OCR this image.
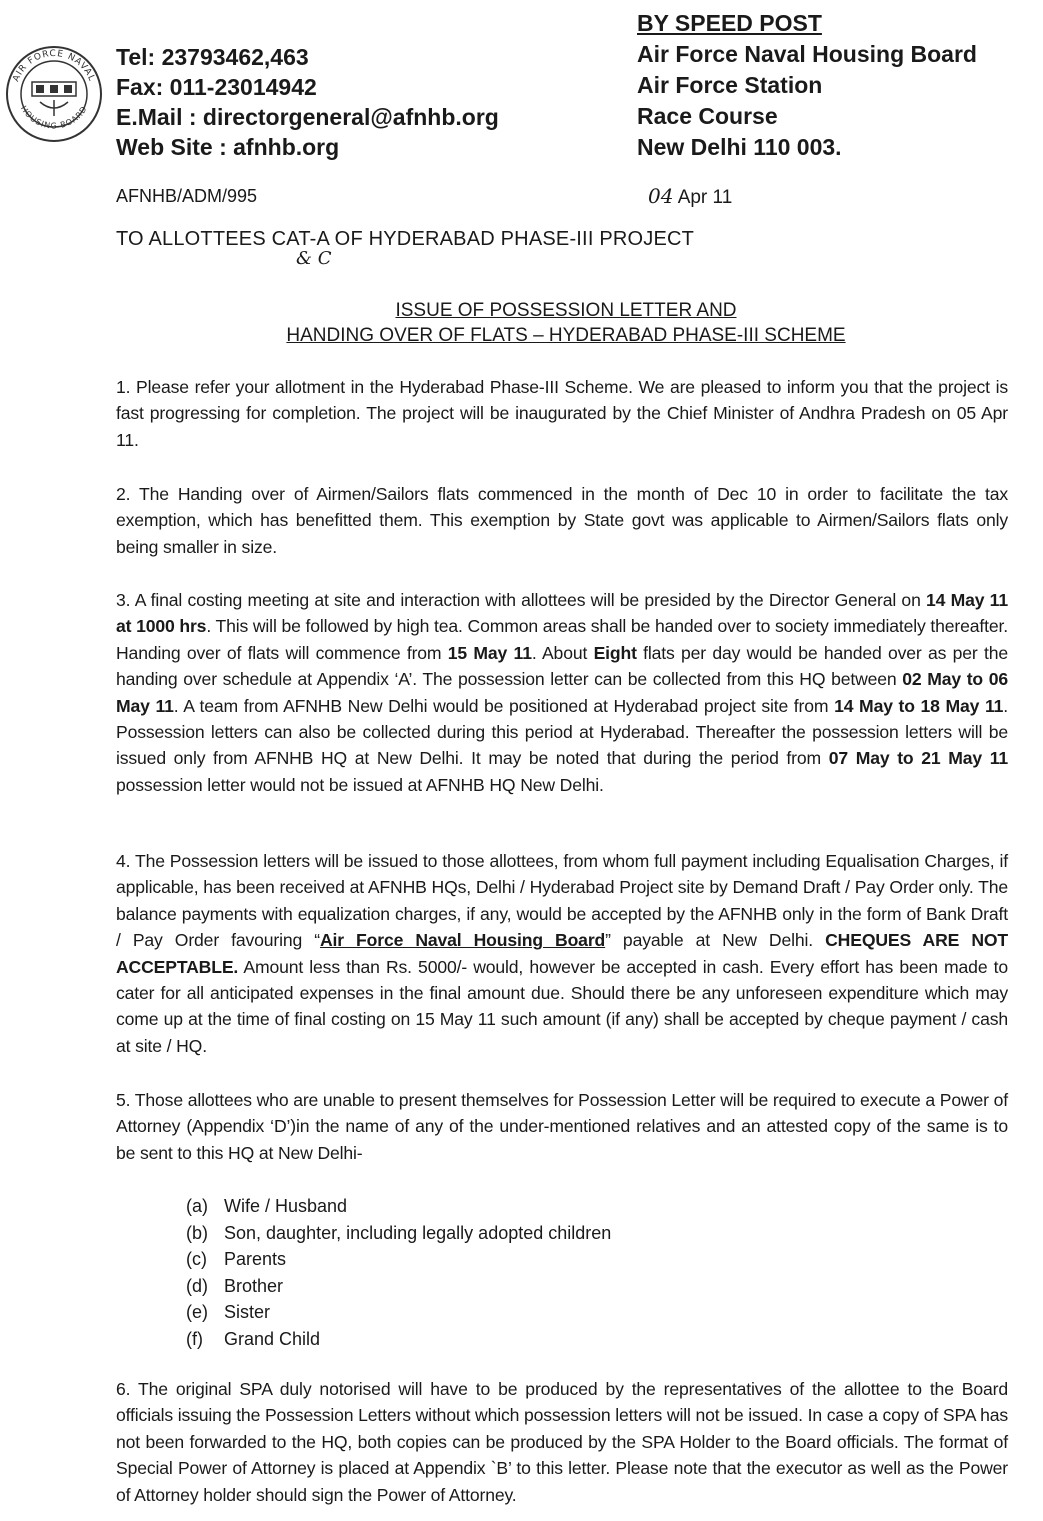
AIR FORCE NAVAL
HOUSING BOARD
Tel: 23793462,463
Fax: 011-23014942
E.Mail : directorgeneral@afnhb.org
Web Site : afnhb.org
BY SPEED POST
Air Force Naval Housing Board
Air Force Station
Race Course
New Delhi 110 003.
AFNHB/ADM/995	04 Apr 11
TO ALLOTTEES CAT-A OF HYDERABAD PHASE-III PROJECT
& C
ISSUE OF POSSESSION LETTER AND
HANDING OVER OF FLATS – HYDERABAD PHASE-III SCHEME
1. Please refer your allotment in the Hyderabad Phase-III Scheme. We are pleased to inform you that the project is fast progressing for completion. The project will be inaugurated by the Chief Minister of Andhra Pradesh on 05 Apr 11.
2. The Handing over of Airmen/Sailors flats commenced in the month of Dec 10 in order to facilitate the tax exemption, which has benefitted them. This exemption by State govt was applicable to Airmen/Sailors flats only being smaller in size.
3. A final costing meeting at site and interaction with allottees will be presided by the Director General on 14 May 11 at 1000 hrs. This will be followed by high tea. Common areas shall be handed over to society immediately thereafter. Handing over of flats will commence from 15 May 11. About Eight flats per day would be handed over as per the handing over schedule at Appendix ‘A’. The possession letter can be collected from this HQ between 02 May to 06 May 11. A team from AFNHB New Delhi would be positioned at Hyderabad project site from 14 May to 18 May 11. Possession letters can also be collected during this period at Hyderabad. Thereafter the possession letters will be issued only from AFNHB HQ at New Delhi. It may be noted that during the period from 07 May to 21 May 11 possession letter would not be issued at AFNHB HQ New Delhi.
4. The Possession letters will be issued to those allottees, from whom full payment including Equalisation Charges, if applicable, has been received at AFNHB HQs, Delhi / Hyderabad Project site by Demand Draft / Pay Order only. The balance payments with equalization charges, if any, would be accepted by the AFNHB only in the form of Bank Draft / Pay Order favouring “Air Force Naval Housing Board” payable at New Delhi. CHEQUES ARE NOT ACCEPTABLE. Amount less than Rs. 5000/- would, however be accepted in cash. Every effort has been made to cater for all anticipated expenses in the final amount due. Should there be any unforeseen expenditure which may come up at the time of final costing on 15 May 11 such amount (if any) shall be accepted by cheque payment / cash at site / HQ.
5. Those allottees who are unable to present themselves for Possession Letter will be required to execute a Power of Attorney (Appendix ‘D’)in the name of any of the under-mentioned relatives and an attested copy of the same is to be sent to this HQ at New Delhi-
(a) Wife / Husband
(b) Son, daughter, including legally adopted children
(c) Parents
(d) Brother
(e) Sister
(f)	Grand Child
6. The original SPA duly notorised will have to be produced by the representatives of the allottee to the Board officials issuing the Possession Letters without which possession letters will not be issued. In case a copy of SPA has not been forwarded to the HQ, both copies can be produced by the SPA Holder to the Board officials. The format of Special Power of Attorney is placed at Appendix `B’ to this letter. Please note that the executor as well as the Power of Attorney holder should sign the Power of Attorney.
